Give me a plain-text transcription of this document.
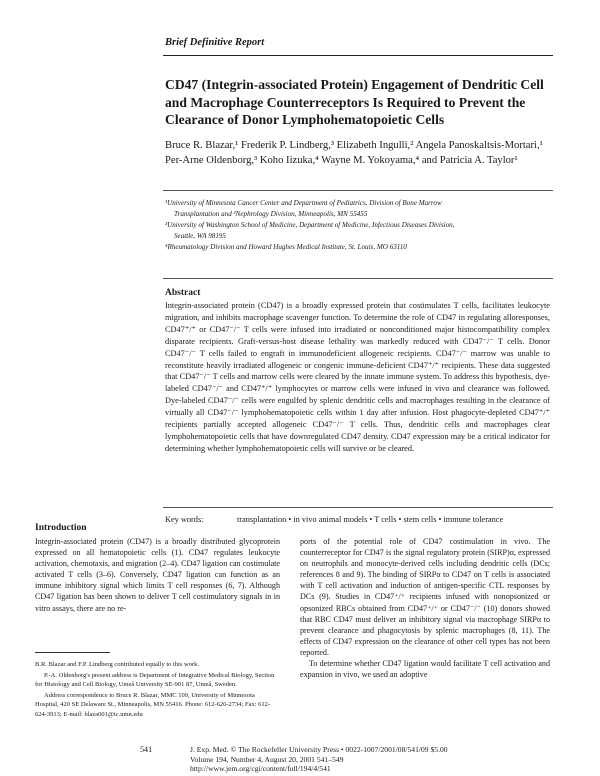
Brief Definitive Report
CD47 (Integrin-associated Protein) Engagement of Dendritic Cell and Macrophage Counterreceptors Is Required to Prevent the Clearance of Donor Lymphohematopoietic Cells
Bruce R. Blazar,¹ Frederik P. Lindberg,³ Elizabeth Ingulli,² Angela Panoskaltsis-Mortari,¹ Per-Arne Oldenborg,³ Koho Iizuka,⁴ Wayne M. Yokoyama,⁴ and Patricia A. Taylor¹

¹University of Minnesota Cancer Center and Department of Pediatrics, Division of Bone Marrow

Transplantation and ²Nephrology Division, Minneapolis, MN 55455

³University of Washington School of Medicine, Department of Medicine, Infectious Diseases Division,

Seattle, WA 98195

⁴Rheumatology Division and Howard Hughes Medical Institute, St. Louis, MO 63110

Abstract
Integrin-associated protein (CD47) is a broadly expressed protein that costimulates T cells, facilitates leukocyte migration, and inhibits macrophage scavenger function. To determine the role of CD47 in regulating alloresponses, CD47⁺/⁺ or CD47⁻/⁻ T cells were infused into irradiated or nonconditioned major histocompatibility complex disparate recipients. Graft-versus-host disease lethality was markedly reduced with CD47⁻/⁻ T cells. Donor CD47⁻/⁻ T cells failed to engraft in immunodeficient allogeneic recipients. CD47⁻/⁻ marrow was unable to reconstitute heavily irradiated allogeneic or congenic immune-deficient CD47⁺/⁺ recipients. These data suggested that CD47⁻/⁻ T cells and marrow cells were cleared by the innate immune system. To address this hypothesis, dye-labeled CD47⁻/⁻ and CD47⁺/⁺ lymphocytes or marrow cells were infused in vivo and clearance was followed. Dye-labeled CD47⁻/⁻ cells were engulfed by splenic dendritic cells and macrophages resulting in the clearance of virtually all CD47⁻/⁻ lymphohematopoietic cells within 1 day after infusion. Host phagocyte-depleted CD47⁺/⁺ recipients partially accepted allogeneic CD47⁻/⁻ T cells. Thus, dendritic cells and macrophages clear lymphohematopoietic cells that have downregulated CD47 density. CD47 expression may be a critical indicator for determining whether lymphohematopoietic cells will survive or be cleared.
Key words:	transplantation • in vivo animal models • T cells • stem cells • immune tolerance
Introduction
Integrin-associated protein (CD47) is a broadly distributed glycoprotein expressed on all hematopoietic cells (1). CD47 regulates leukocyte activation, chemotaxis, and migration (2–4). CD47 ligation can costimulate activated T cells (3–6). Conversely, CD47 ligation can function as an immune inhibitory signal which limits T cell responses (6, 7). Although CD47 ligation has been shown to deliver T cell costimulatory signals in in vitro assays, there are no re-
ports of the potential role of CD47 costimulation in vivo. The counterreceptor for CD47 is the signal regulatory protein (SIRP)α, expressed on neutrophils and monocyte-derived cells including dendritic cells (DCs; references 8 and 9). The binding of SIRPα to CD47 on T cells is associated with T cell activation and induction of antigen-specific CTL responses by DCs (9). Studies in CD47⁺/⁺ recipients infused with nonopsonized or opsonized RBCs obtained from CD47⁺/⁺ or CD47⁻/⁻ (10) donors showed that RBC CD47 must deliver an inhibitory signal via macrophage SIRPα to prevent clearance and phagocytosis by splenic macrophages (8, 11). The effects of CD47 expression on the clearance of other cell types has not been reported.
To determine whether CD47 ligation would facilitate T cell activation and expansion in vivo, we used an adoptive

B.R. Blazar and F.P. Lindberg contributed equally to this work.

P.-A. Oldenborg's present address is Department of Integrative Medical Biology, Section for Histology and Cell Biology, Umeå University SE-901 87, Umeå, Sweden.

Address correspondence to Bruce R. Blazar, MMC 109, University of Minnesota Hospital, 420 SE Delaware St., Minneapolis, MN 55416. Phone: 612-626-2734; Fax: 612-624-3913; E-mail: blaza001@tc.umn.edu

541	J. Exp. Med. © The Rockefeller University Press • 0022-1007/2001/08/541/09 $5.00
Volume 194, Number 4, August 20, 2001 541–549
http://www.jem.org/cgi/content/full/194/4/541
